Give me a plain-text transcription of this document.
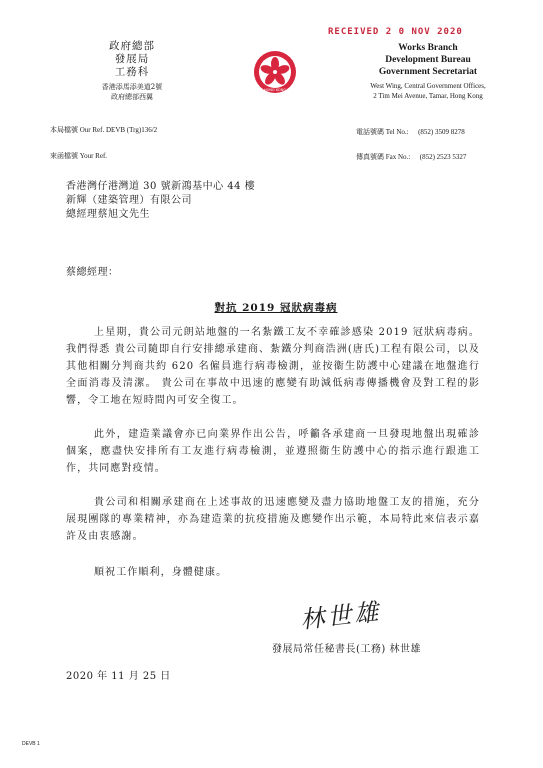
政府總部
發展局
工務科
香港添馬添美道2號
政府總部西翼
HONG KONG
RECEIVED 2 0 NOV 2020
Works Branch
Development Bureau
Government Secretariat
West Wing, Central Government Offices,
2 Tim Mei Avenue, Tamar, Hong Kong
本局檔號 Our Ref. DEVB (Trg)136/2
來函檔號 Your Ref.
電話號碼 Tel No.: (852) 3509 8278
傳真號碼 Fax No.: (852) 2523 5327
香港灣仔港灣道 30 號新鴻基中心 44 樓
新輝（建築管理）有限公司
總經理蔡旭文先生
蔡總經理：
對抗 2019 冠狀病毒病
上星期，貴公司元朗站地盤的一名紮鐵工友不幸確診感染 2019 冠狀病毒病。我們得悉 貴公司隨即自行安排總承建商、紮鐵分判商浩洲(唐氏)工程有限公司，以及其他相關分判商共約 620 名僱員進行病毒檢測，並按衞生防護中心建議在地盤進行全面消毒及清潔。 貴公司在事故中迅速的應變有助減低病毒傳播機會及對工程的影響，令工地在短時間內可安全復工。
此外，建造業議會亦已向業界作出公告，呼籲各承建商一旦發現地盤出現確診個案，應盡快安排所有工友進行病毒檢測，並遵照衞生防護中心的指示進行跟進工作，共同應對疫情。
貴公司和相關承建商在上述事故的迅速應變及盡力協助地盤工友的措施，充分展現團隊的專業精神，亦為建造業的抗疫措施及應變作出示範，本局特此來信表示嘉許及由衷感謝。
順祝工作順利，身體健康。
林世雄
發展局常任秘書長(工務) 林世雄
2020 年 11 月 25 日
DEVB 1
